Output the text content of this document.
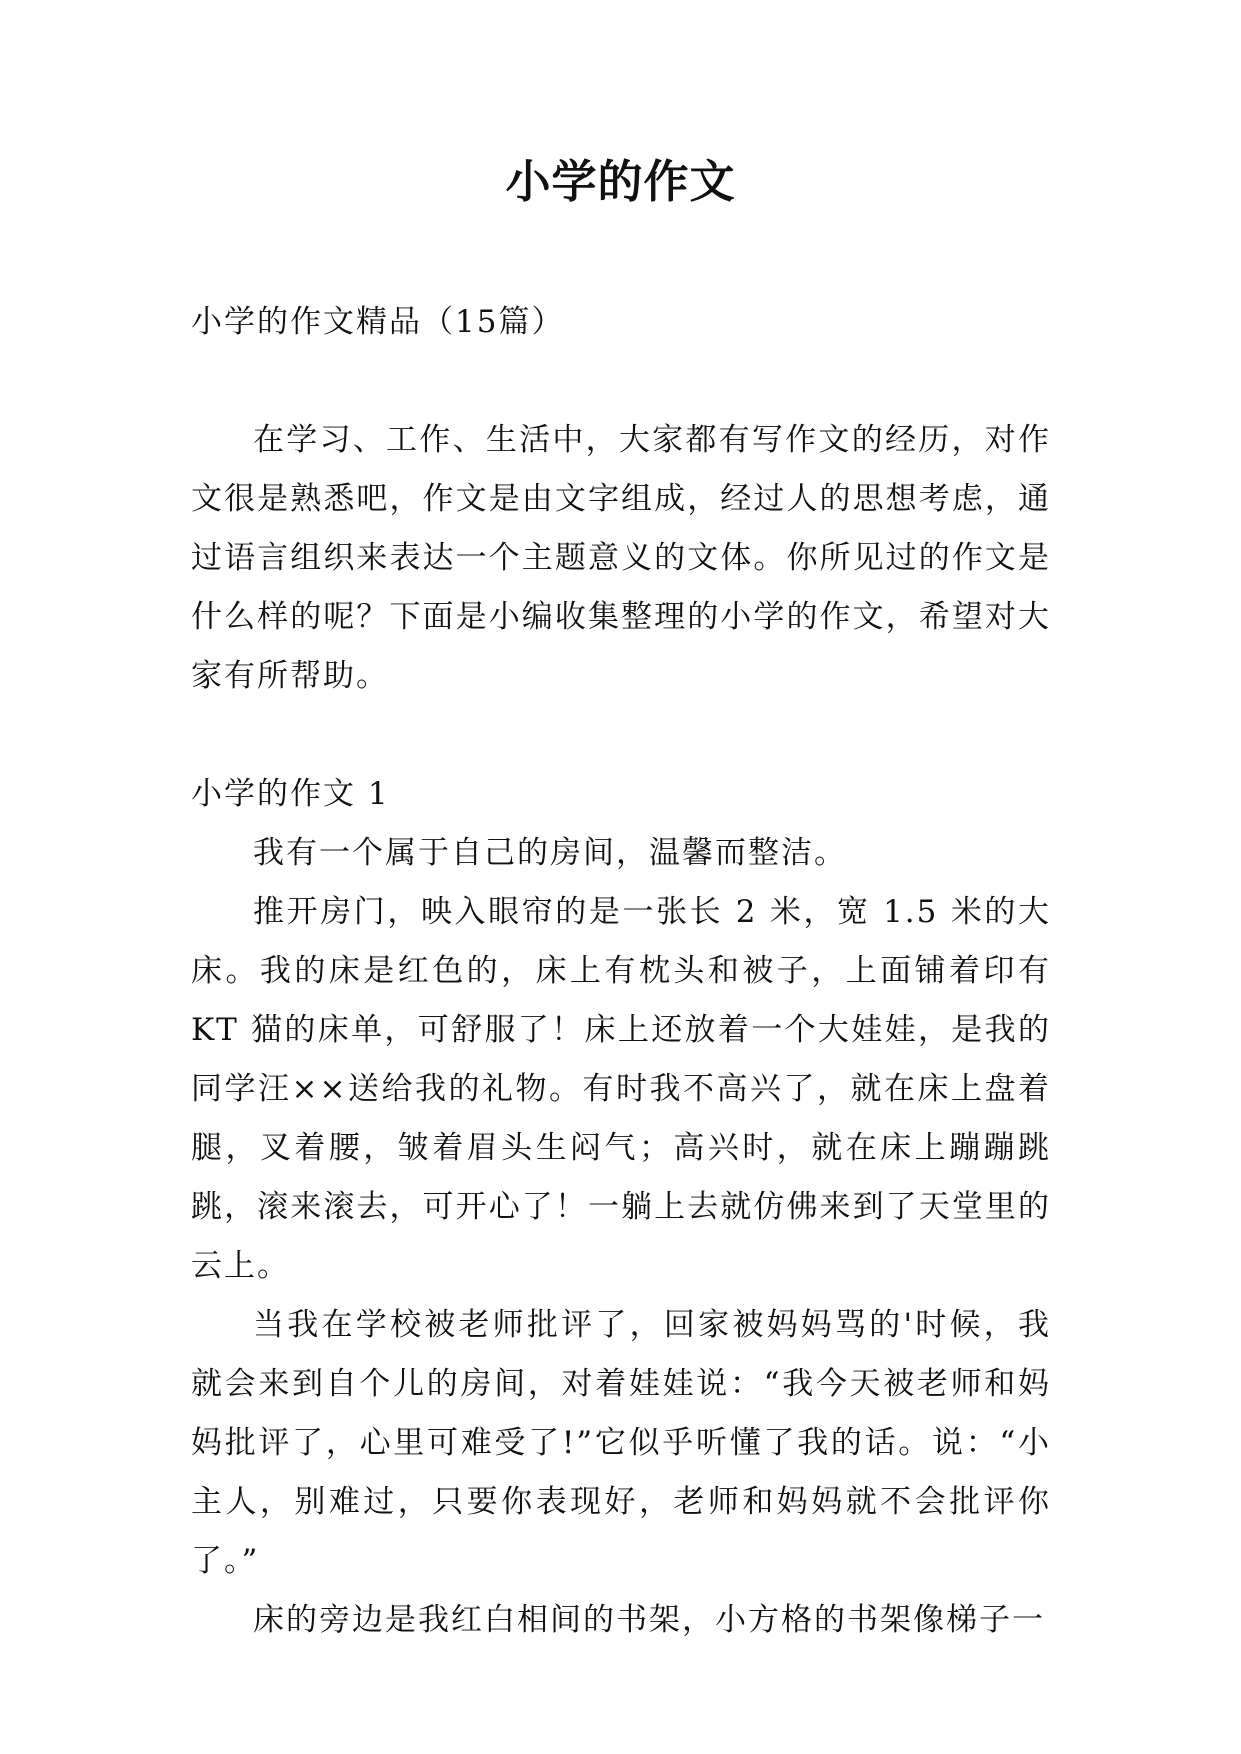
小学的作文

小学的作文精品（15篇）

在学习、工作、生活中，大家都有写作文的经历，对作文很是熟悉吧，作文是由文字组成，经过人的思想考虑，通过语言组织来表达一个主题意义的文体。你所见过的作文是什么样的呢？下面是小编收集整理的小学的作文，希望对大家有所帮助。

小学的作文 1

我有一个属于自己的房间，温馨而整洁。

推开房门，映入眼帘的是一张长 2 米，宽 1.5 米的大床。我的床是红色的，床上有枕头和被子，上面铺着印有 KT 猫的床单，可舒服了！床上还放着一个大娃娃，是我的同学汪××送给我的礼物。有时我不高兴了，就在床上盘着腿，叉着腰，皱着眉头生闷气；高兴时，就在床上蹦蹦跳跳，滚来滚去，可开心了！一躺上去就仿佛来到了天堂里的云上。

当我在学校被老师批评了，回家被妈妈骂的'时候，我就会来到自个儿的房间，对着娃娃说：“我今天被老师和妈妈批评了，心里可难受了!”它似乎听懂了我的话。说：“小主人，别难过，只要你表现好，老师和妈妈就不会批评你了。”

床的旁边是我红白相间的书架，小方格的书架像梯子一
